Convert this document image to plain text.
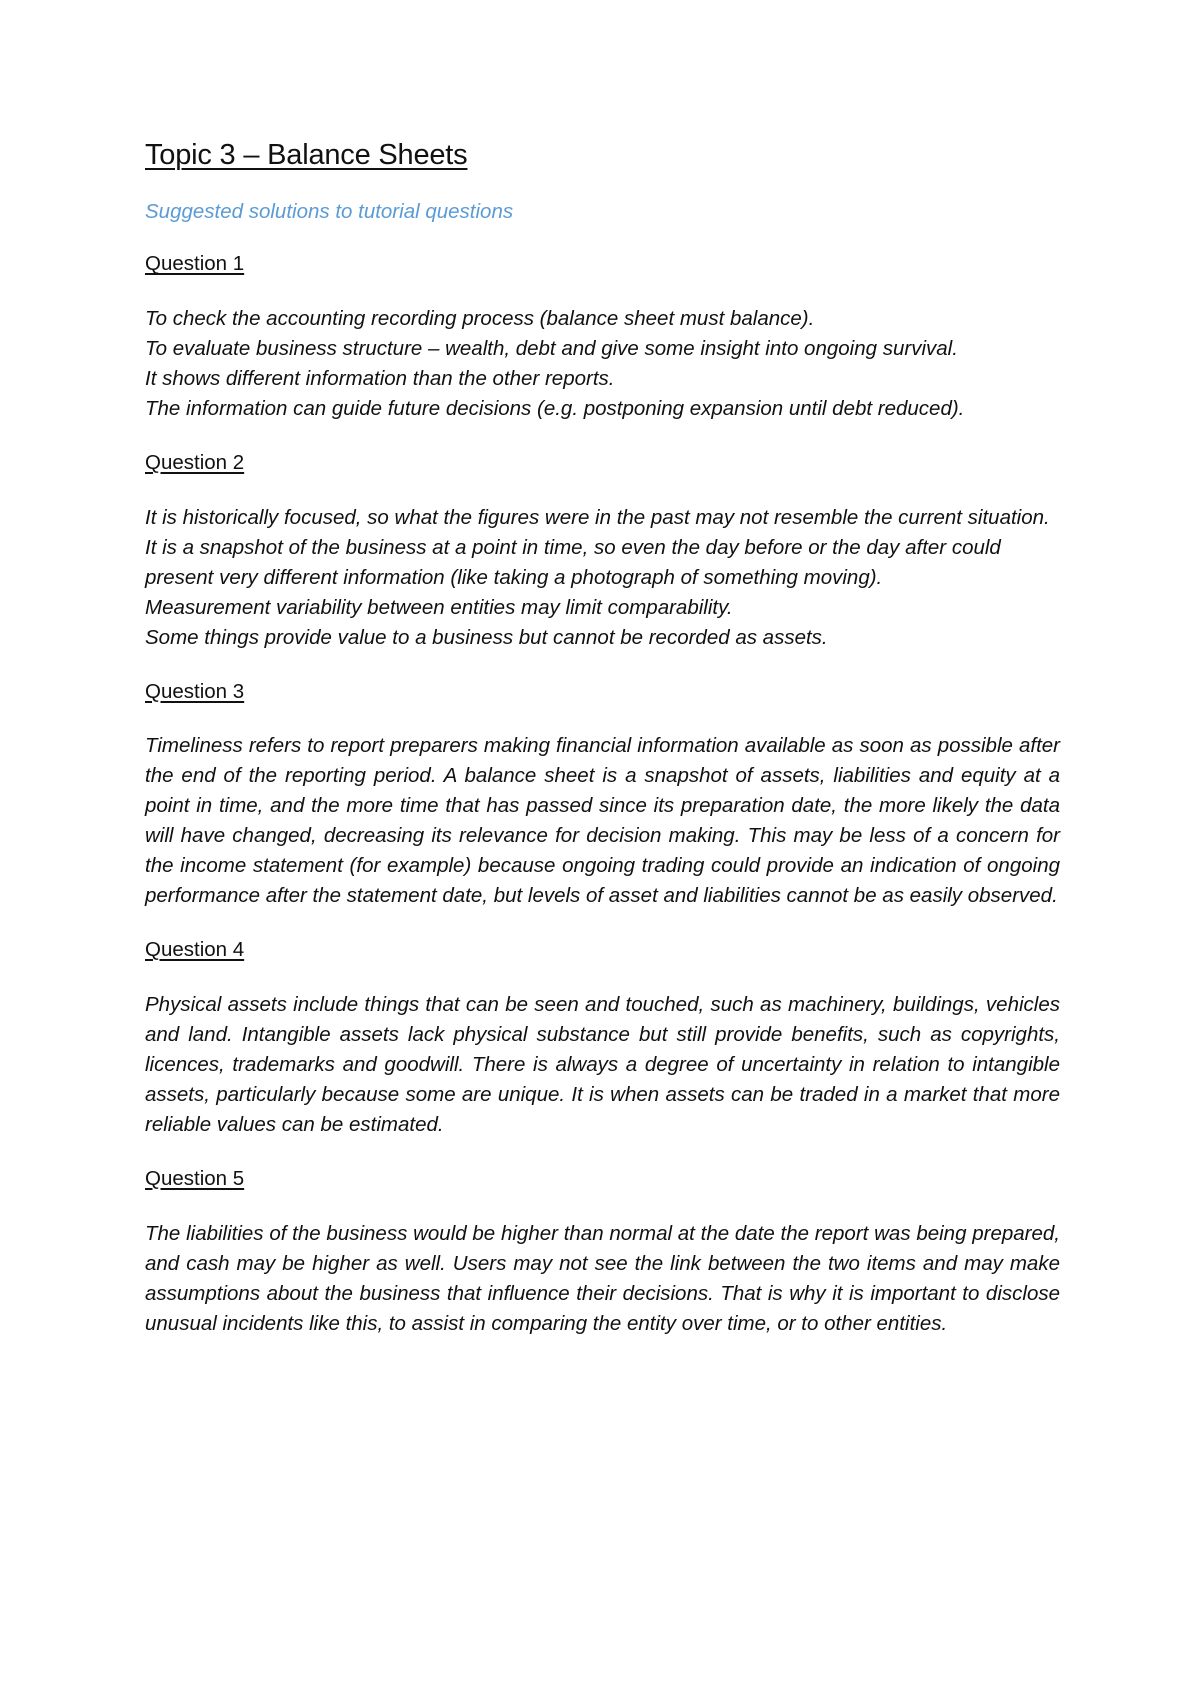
Topic 3 – Balance Sheets
Suggested solutions to tutorial questions
Question 1
To check the accounting recording process (balance sheet must balance).
To evaluate business structure – wealth, debt and give some insight into ongoing survival.
It shows different information than the other reports.
The information can guide future decisions (e.g. postponing expansion until debt reduced).
Question 2
It is historically focused, so what the figures were in the past may not resemble the current situation.
It is a snapshot of the business at a point in time, so even the day before or the day after could present very different information (like taking a photograph of something moving).
Measurement variability between entities may limit comparability.
Some things provide value to a business but cannot be recorded as assets.
Question 3
Timeliness refers to report preparers making financial information available as soon as possible after the end of the reporting period. A balance sheet is a snapshot of assets, liabilities and equity at a point in time, and the more time that has passed since its preparation date, the more likely the data will have changed, decreasing its relevance for decision making. This may be less of a concern for the income statement (for example) because ongoing trading could provide an indication of ongoing performance after the statement date, but levels of asset and liabilities cannot be as easily observed.
Question 4
Physical assets include things that can be seen and touched, such as machinery, buildings, vehicles and land. Intangible assets lack physical substance but still provide benefits, such as copyrights, licences, trademarks and goodwill. There is always a degree of uncertainty in relation to intangible assets, particularly because some are unique. It is when assets can be traded in a market that more reliable values can be estimated.
Question 5
The liabilities of the business would be higher than normal at the date the report was being prepared, and cash may be higher as well. Users may not see the link between the two items and may make assumptions about the business that influence their decisions. That is why it is important to disclose unusual incidents like this, to assist in comparing the entity over time, or to other entities.
